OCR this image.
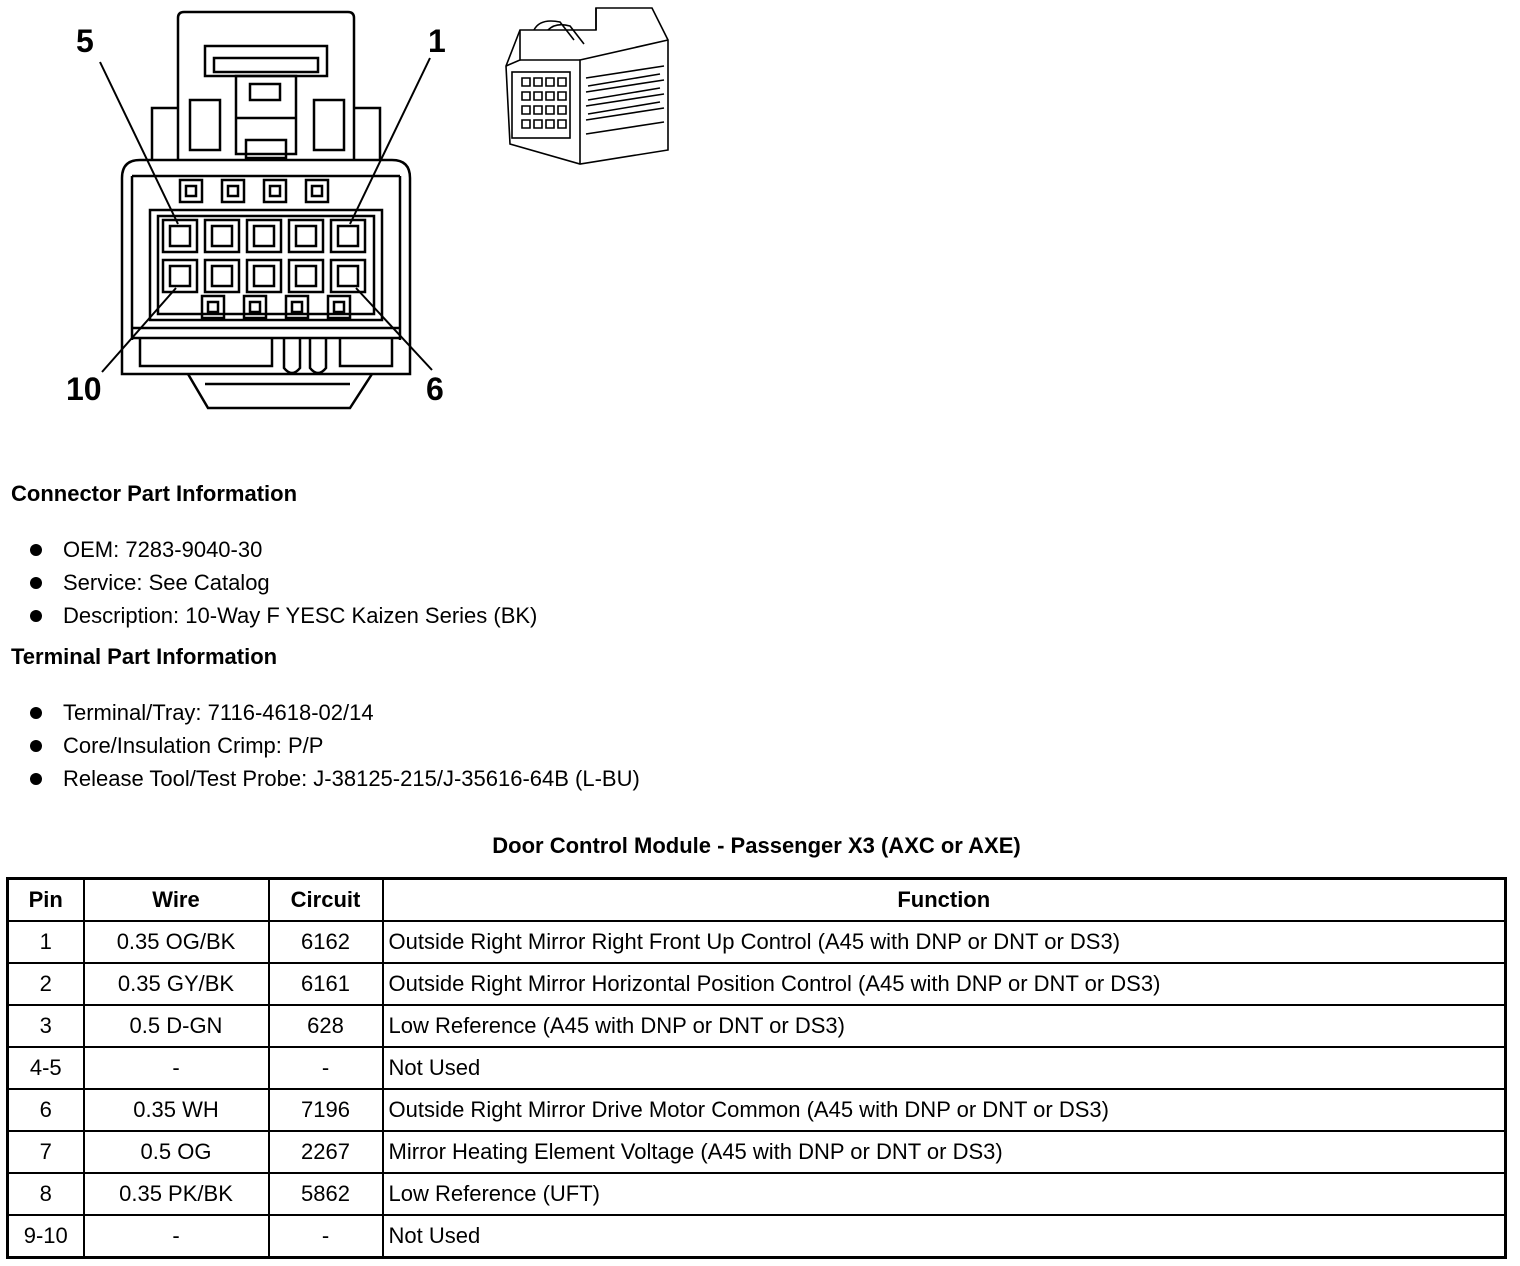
5	1
10	6
Connector Part Information
OEM: 7283-9040-30
Service: See Catalog
Description: 10-Way F YESC Kaizen Series (BK)
Terminal Part Information
Terminal/Tray: 7116-4618-02/14
Core/Insulation Crimp: P/P
Release Tool/Test Probe: J-38125-215/J-35616-64B (L-BU)
Door Control Module - Passenger X3 (AXC or AXE)
Pin	Wire	Circuit	Function
1	0.35 OG/BK	6162	Outside Right Mirror Right Front Up Control (A45 with DNP or DNT or DS3)
2	0.35 GY/BK	6161	Outside Right Mirror Horizontal Position Control (A45 with DNP or DNT or DS3)
3	0.5 D-GN	628	Low Reference (A45 with DNP or DNT or DS3)
4-5	-	-	Not Used
6	0.35 WH	7196	Outside Right Mirror Drive Motor Common (A45 with DNP or DNT or DS3)
7	0.5 OG	2267	Mirror Heating Element Voltage (A45 with DNP or DNT or DS3)
8	0.35 PK/BK	5862	Low Reference (UFT)
9-10	-	-	Not Used
